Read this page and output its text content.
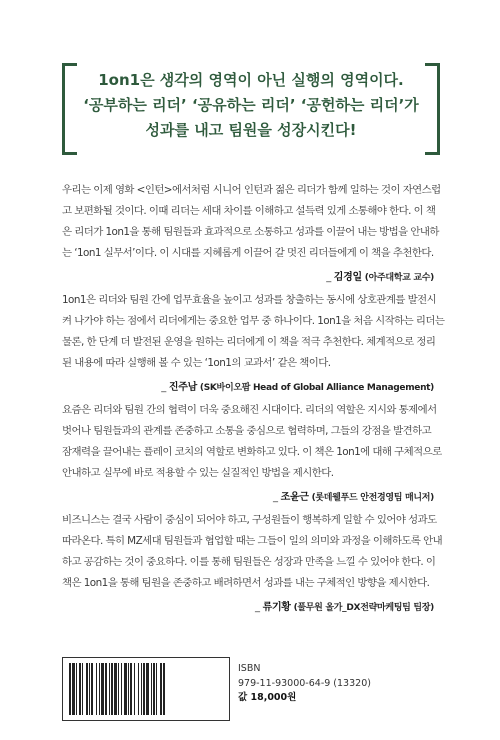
1on1은 생각의 영역이 아닌 실행의 영역이다.
‘공부하는 리더’ ‘공유하는 리더’ ‘공헌하는 리더’가
성과를 내고 팀원을 성장시킨다!
우리는 이제 영화 <인턴>에서처럼 시니어 인턴과 젊은 리더가 함께 일하는 것이 자연스럽
고 보편화될 것이다. 이때 리더는 세대 차이를 이해하고 설득력 있게 소통해야 한다. 이 책
은 리더가 1on1을 통해 팀원들과 효과적으로 소통하고 성과를 이끌어 내는 방법을 안내하
는 ‘1on1 실무서’이다. 이 시대를 지혜롭게 이끌어 갈 멋진 리더들에게 이 책을 추천한다.
_ 김경일 (아주대학교 교수)
1on1은 리더와 팀원 간에 업무효율을 높이고 성과를 창출하는 동시에 상호관계를 발전시
켜 나가야 하는 점에서 리더에게는 중요한 업무 중 하나이다. 1on1을 처음 시작하는 리더는
물론, 한 단계 더 발전된 운영을 원하는 리더에게 이 책을 적극 추천한다. 체계적으로 정리
된 내용에 따라 실행해 볼 수 있는 ‘1on1의 교과서’ 같은 책이다.
_ 진주남 (SK바이오팜 Head of Global Alliance Management)
요즘은 리더와 팀원 간의 협력이 더욱 중요해진 시대이다. 리더의 역할은 지시와 통제에서
벗어나 팀원들과의 관계를 존중하고 소통을 중심으로 협력하며, 그들의 강점을 발견하고
잠재력을 끌어내는 플레이 코치의 역할로 변화하고 있다. 이 책은 1on1에 대해 구체적으로
안내하고 실무에 바로 적용할 수 있는 실질적인 방법을 제시한다.
_ 조윤근 (롯데웰푸드 안전경영팀 매니저)
비즈니스는 결국 사람이 중심이 되어야 하고, 구성원들이 행복하게 일할 수 있어야 성과도
따라온다. 특히 MZ세대 팀원들과 협업할 때는 그들이 일의 의미와 과정을 이해하도록 안내
하고 공감하는 것이 중요하다. 이를 통해 팀원들은 성장과 만족을 느낄 수 있어야 한다. 이
책은 1on1을 통해 팀원을 존중하고 배려하면서 성과를 내는 구체적인 방향을 제시한다.
_ 류기황 (풀무원 올가_DX전략마케팅팀 팀장)
ISBN
979-11-93000-64-9 (13320)
값 18,000원
